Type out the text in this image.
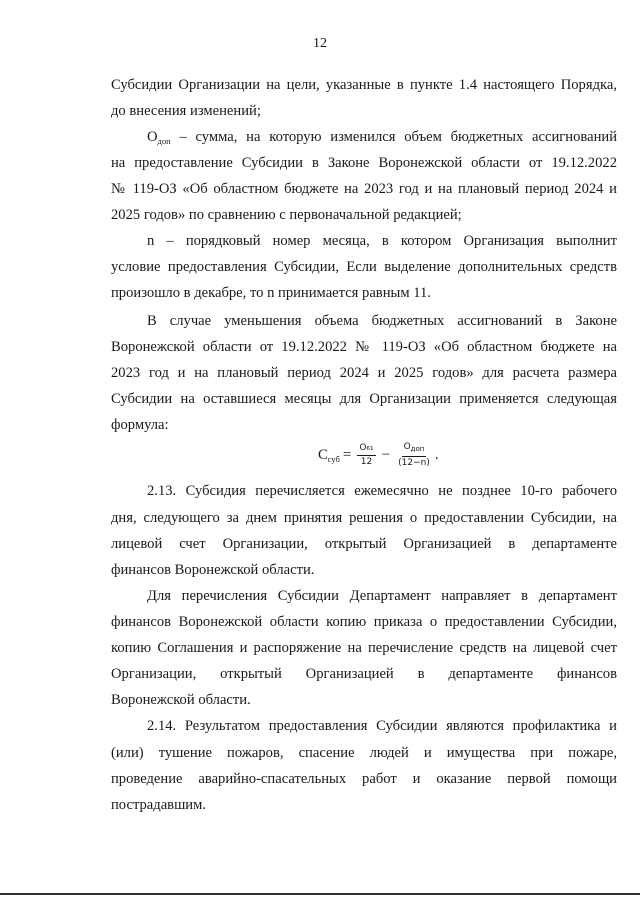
12
Субсидии Организации на цели, указанные в пункте 1.4 настоящего Порядка,
до внесения изменений;
$О_{доп}$ – сумма, на которую изменился объем бюджетных ассигнований
на предоставление Субсидии в Законе Воронежской области от 19.12.2022
№ 119-ОЗ «Об областном бюджете на 2023 год и на плановый период 2024 и
2025 годов» по сравнению с первоначальной редакцией;
n – порядковый номер месяца, в котором Организация выполнит
условие предоставления Субсидии, Если выделение дополнительных средств
произошло в декабре, то n принимается равным 11.
В случае уменьшения объема бюджетных ассигнований в Законе
Воронежской области от 19.12.2022 № 119-ОЗ «Об областном бюджете на
2023 год и на плановый период 2024 и 2025 годов» для расчета размера
Субсидии на оставшиеся месяцы для Организации применяется следующая
формула:
$С_{суб} = \frac{\text{О₆₁}}{12} - \frac{О_{доп}}{(12-n)}$ .
2.13. Субсидия перечисляется ежемесячно не позднее 10-го рабочего
дня, следующего за днем принятия решения о предоставлении Субсидии, на
лицевой счет Организации, открытый Организацией в департаменте
финансов Воронежской области.
Для перечисления Субсидии Департамент направляет в департамент
финансов Воронежской области копию приказа о предоставлении Субсидии,
копию Соглашения и распоряжение на перечисление средств на лицевой счет
Организации, открытый Организацией в департаменте финансов
Воронежской области.
2.14. Результатом предоставления Субсидии являются профилактика и
(или) тушение пожаров, спасение людей и имущества при пожаре,
проведение аварийно-спасательных работ и оказание первой помощи
пострадавшим.
